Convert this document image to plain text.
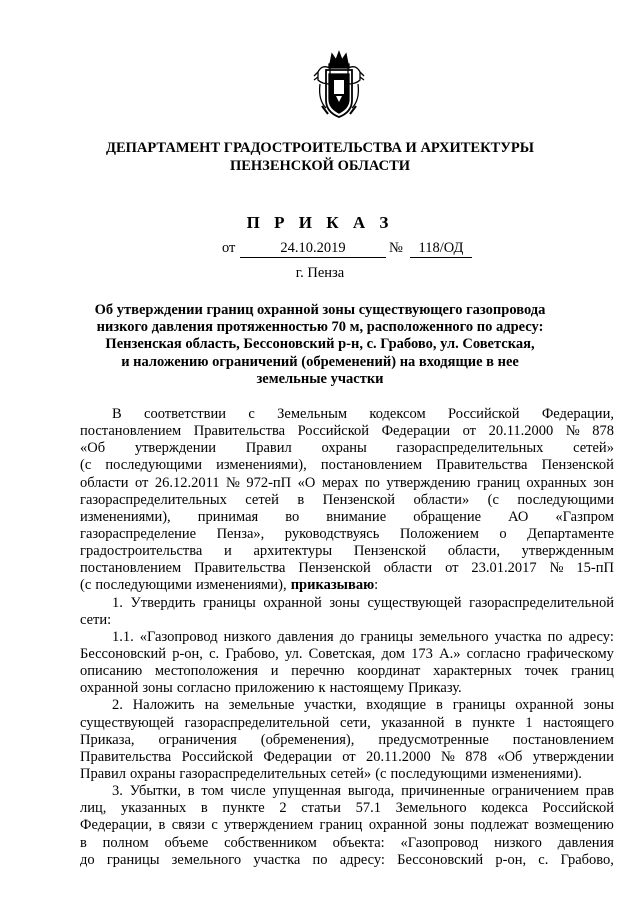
ДЕПАРТАМЕНТ ГРАДОСТРОИТЕЛЬСТВА И АРХИТЕКТУРЫ
ПЕНЗЕНСКОЙ ОБЛАСТИ
П Р И К А З
от	24.10.2019	№	118/ОД
г. Пенза
Об утверждении границ охранной зоны существующего газопровода
низкого давления протяженностью 70 м, расположенного по адресу:
Пензенская область, Бессоновский р-н, с. Грабово, ул. Советская,
и наложению ограничений (обременений) на входящие в нее
земельные участки
В соответствии с Земельным кодексом Российской Федерации,
постановлением Правительства Российской Федерации от 20.11.2000 № 878
«Об утверждении Правил охраны газораспределительных сетей»
(с последующими изменениями), постановлением Правительства Пензенской
области от 26.12.2011 № 972-пП «О мерах по утверждению границ охранных зон
газораспределительных сетей в Пензенской области» (с последующими
изменениями), принимая во внимание обращение АО «Газпром
газораспределение Пенза», руководствуясь Положением о Департаменте
градостроительства и архитектуры Пензенской области, утвержденным
постановлением Правительства Пензенской области от 23.01.2017 № 15-пП
(с последующими изменениями), приказываю :
1. Утвердить границы охранной зоны существующей газораспределительной
сети:
1.1. «Газопровод низкого давления до границы земельного участка по адресу:
Бессоновский р-он, с. Грабово, ул. Советская, дом 173 А.» согласно графическому
описанию местоположения и перечню координат характерных точек границ
охранной зоны согласно приложению к настоящему Приказу.
2. Наложить на земельные участки, входящие в границы охранной зоны
существующей газораспределительной сети, указанной в пункте 1 настоящего
Приказа, ограничения (обременения), предусмотренные постановлением
Правительства Российской Федерации от 20.11.2000 № 878 «Об утверждении
Правил охраны газораспределительных сетей» (с последующими изменениями).
3. Убытки, в том числе упущенная выгода, причиненные ограничением прав
лиц, указанных в пункте 2 статьи 57.1 Земельного кодекса Российской
Федерации, в связи с утверждением границ охранной зоны подлежат возмещению
в полном объеме собственником объекта: «Газопровод низкого давления
до границы земельного участка по адресу: Бессоновский р-он, с. Грабово,
